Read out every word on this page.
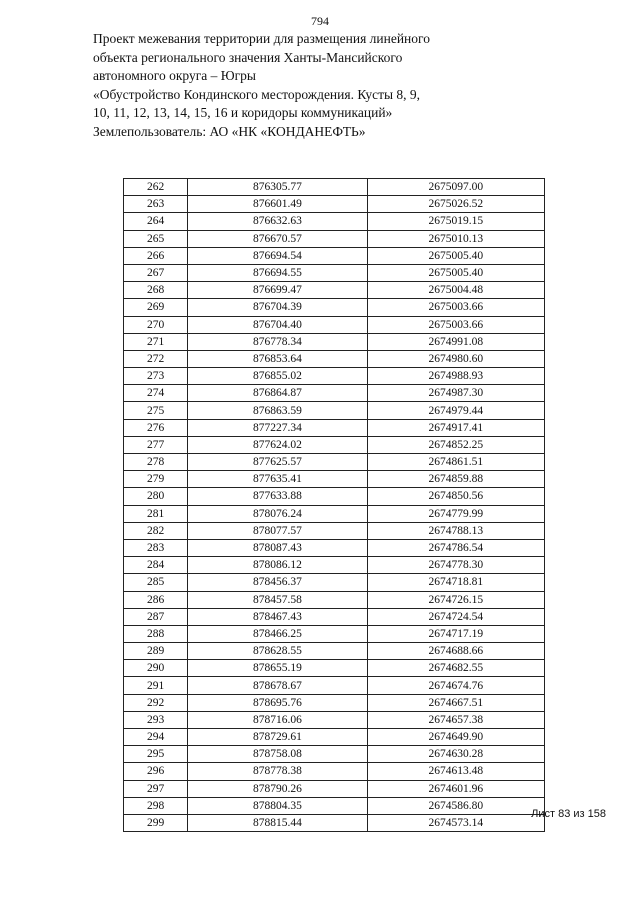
794
Проект межевания территории для размещения линейного
объекта регионального значения Ханты-Мансийского
автономного округа – Югры
«Обустройство Кондинского месторождения. Кусты 8, 9,
10, 11, 12, 13, 14, 15, 16 и коридоры коммуникаций»
Землепользователь: АО «НК «КОНДАНЕФТЬ»
262	876305.77	2675097.00
263	876601.49	2675026.52
264	876632.63	2675019.15
265	876670.57	2675010.13
266	876694.54	2675005.40
267	876694.55	2675005.40
268	876699.47	2675004.48
269	876704.39	2675003.66
270	876704.40	2675003.66
271	876778.34	2674991.08
272	876853.64	2674980.60
273	876855.02	2674988.93
274	876864.87	2674987.30
275	876863.59	2674979.44
276	877227.34	2674917.41
277	877624.02	2674852.25
278	877625.57	2674861.51
279	877635.41	2674859.88
280	877633.88	2674850.56
281	878076.24	2674779.99
282	878077.57	2674788.13
283	878087.43	2674786.54
284	878086.12	2674778.30
285	878456.37	2674718.81
286	878457.58	2674726.15
287	878467.43	2674724.54
288	878466.25	2674717.19
289	878628.55	2674688.66
290	878655.19	2674682.55
291	878678.67	2674674.76
292	878695.76	2674667.51
293	878716.06	2674657.38
294	878729.61	2674649.90
295	878758.08	2674630.28
296	878778.38	2674613.48
297	878790.26	2674601.96
298	878804.35	2674586.80
299	878815.44	2674573.14
Лист 83 из 158
